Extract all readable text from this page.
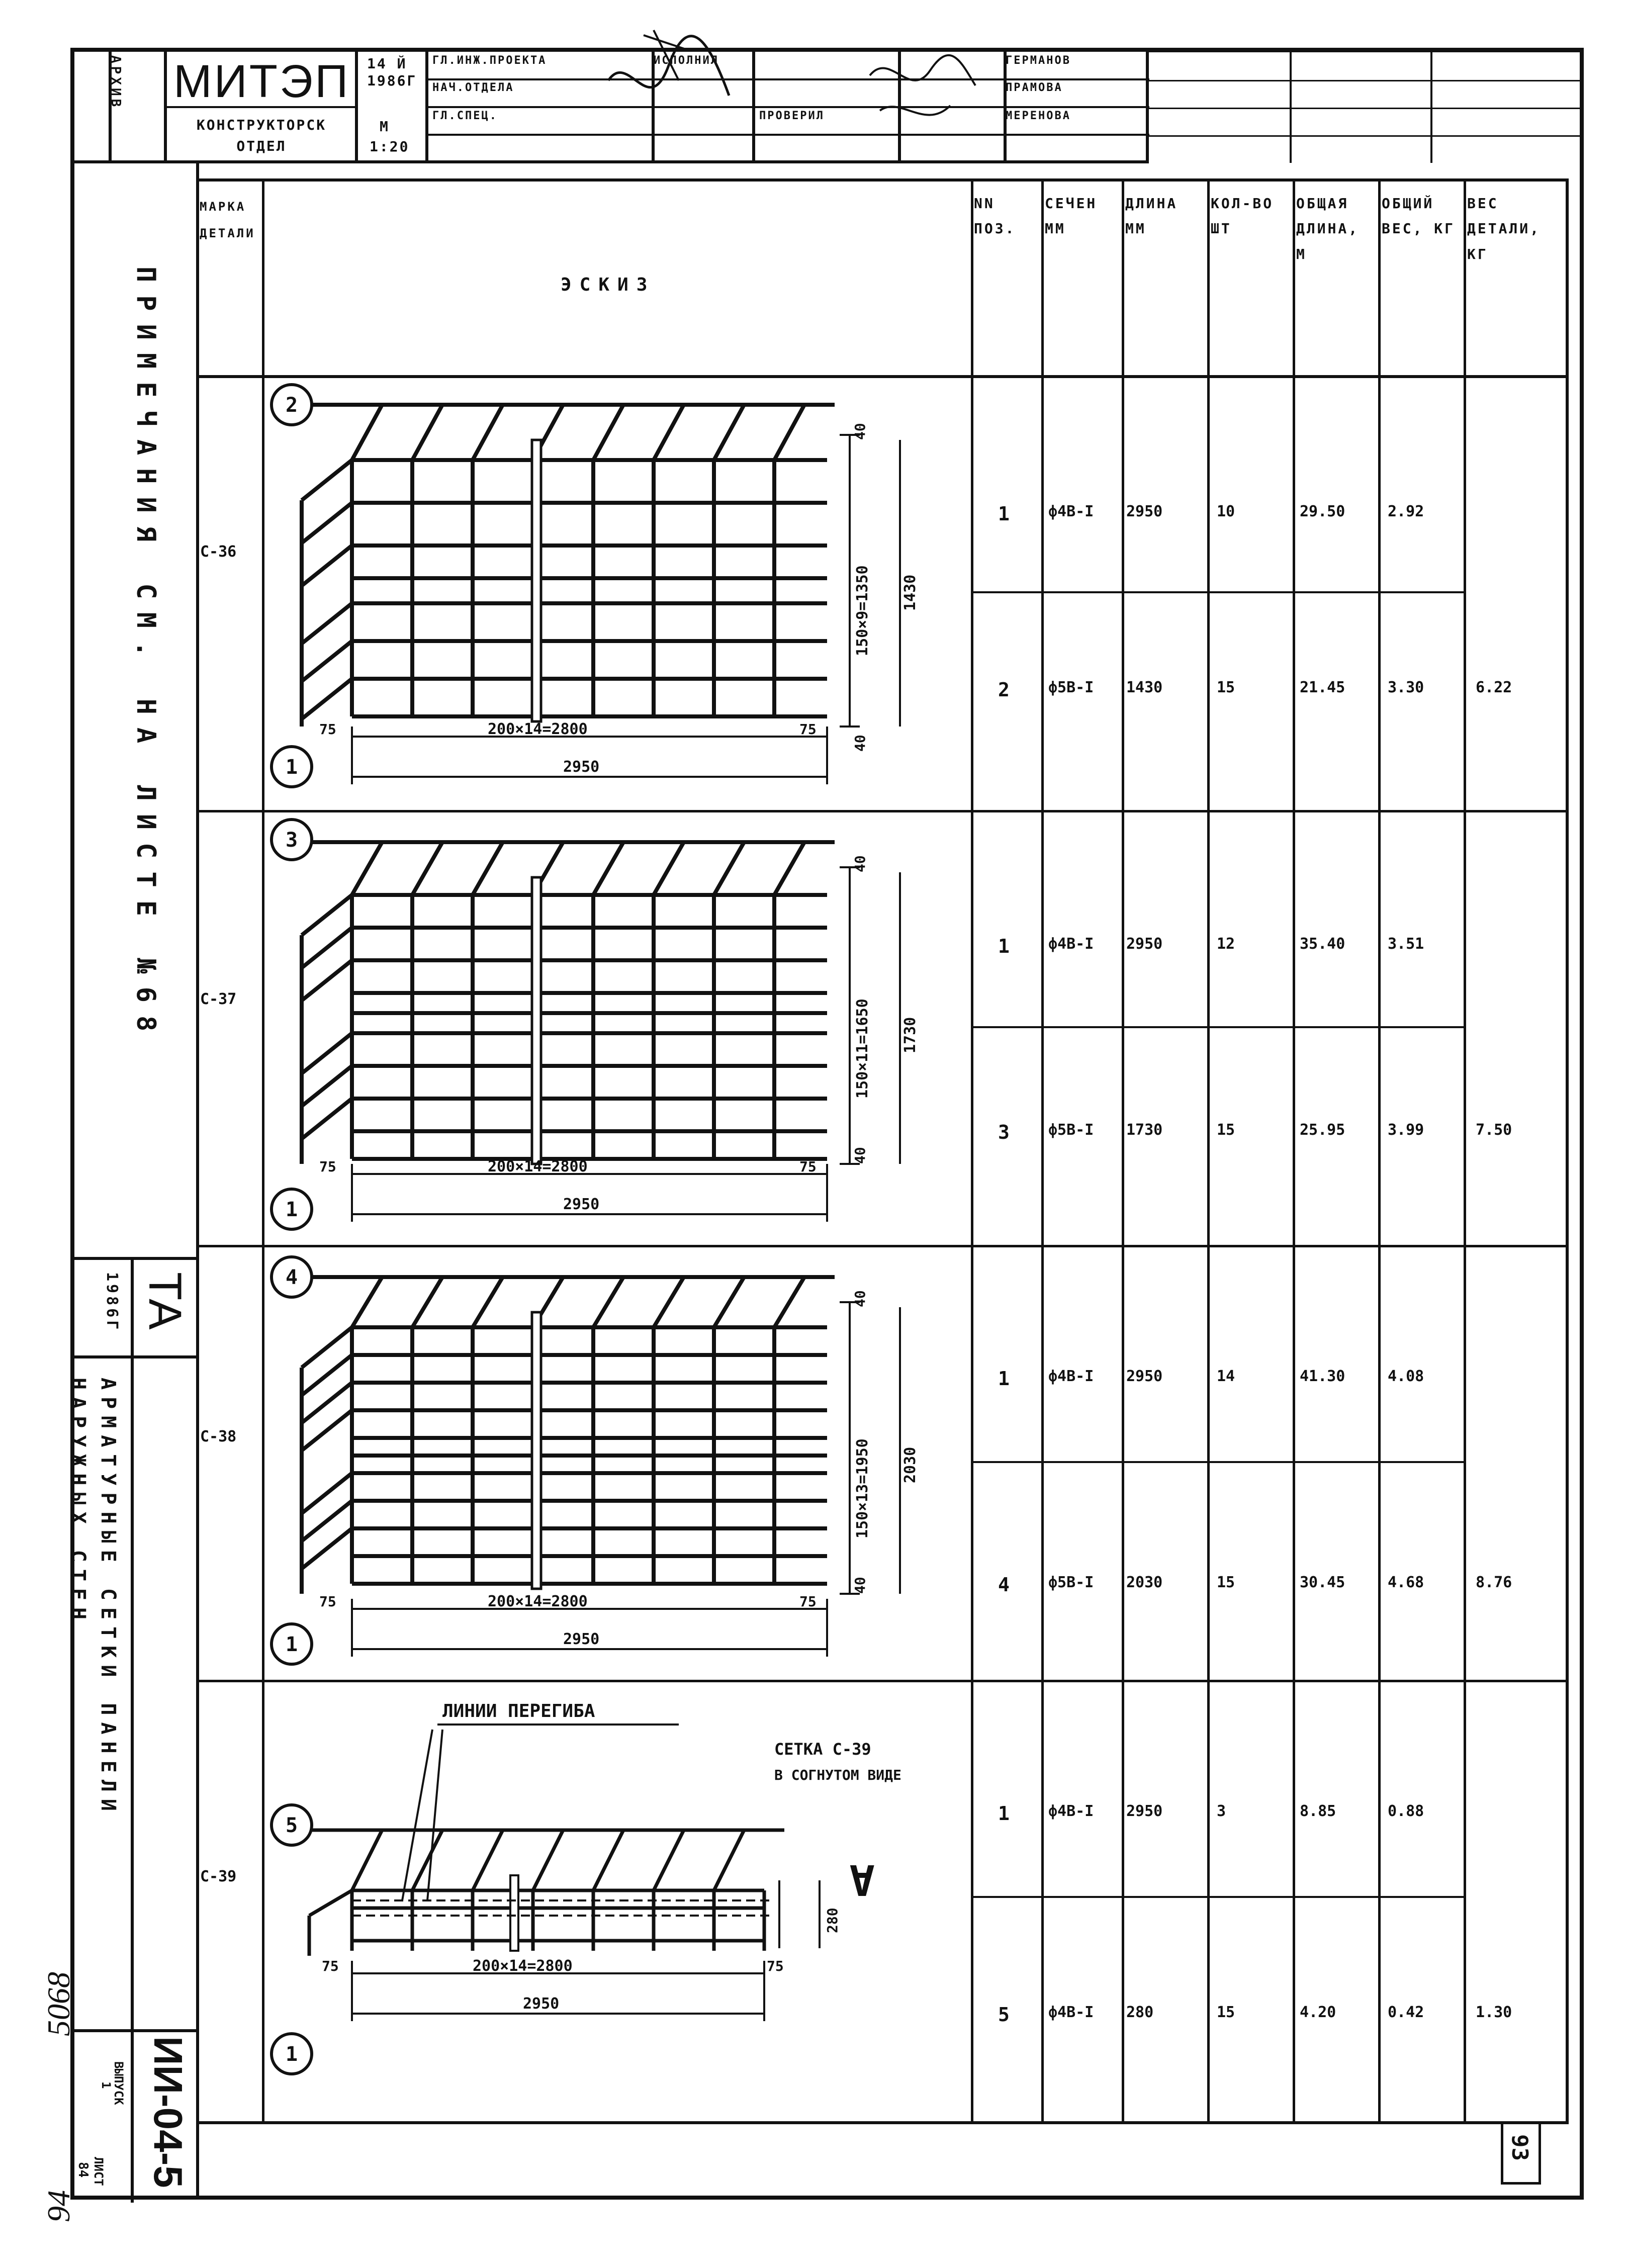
АРХИВ МИТЭП
КОНСТРУКТОРСК ОТДЕЛ
14 Й 1986Г
М
1:20
ГЛ.ИНЖ.ПРОЕКТА
НАЧ.ОТДЕЛА
ГЛ.СПЕЦ.
ИСПОЛНИЛ
ПРОВЕРИЛ
ГЕРМАНОВ
ПРАМОВА
МЕРЕНОВА
ПРИМЕЧАНИЯ СМ. НА ЛИСТЕ №68
АРМАТУРНЫЕ СЕТКИ ПАНЕЛИ НАРУЖНЫХ СТЕН
ТА
1986Г
ИИ-04-5
ЛИСТ
84
ВЫПУСК
1
5068
94
МАРКА ДЕТАЛИ
ЭСКИЗ
NN ПОЗ.
СЕЧЕН ММ
ДЛИНА ММ
КОЛ-ВО ШТ
ОБЩАЯ ДЛИНА, М
ОБЩИЙ ВЕС, КГ
ВЕС ДЕТАЛИ, КГ
С-36
2
1
40
150×9=1350 1430
40
75	200×14=2800	75
2950
1	ф4В-I 2950	10	29.50	2.92
2	ф5В-I 1430	15	21.45	3.30	6.22
С-37
3
1
40
150×11=1650 1730
40
75	200×14=2800	75
2950
1	ф4В-I 2950	12	35.40	3.51
3	ф5В-I 1730	15	25.95	3.99	7.50
С-38
4
1
40
150×13=1950 2030
40
75	200×14=2800	75
2950
1	ф4В-I 2950	14	41.30	4.08
4	ф5В-I 2030	15	30.45	4.68	8.76
С-39
5
1
ЛИНИИ ПЕРЕГИБА
СЕТКА С-39
В СОГНУТОМ ВИДЕ
А
280
75	200×14=2800	75
2950
1	ф4В-I 2950	3	8.85	0.88
5	ф4В-I 280	15	4.20	0.42	1.30
93
